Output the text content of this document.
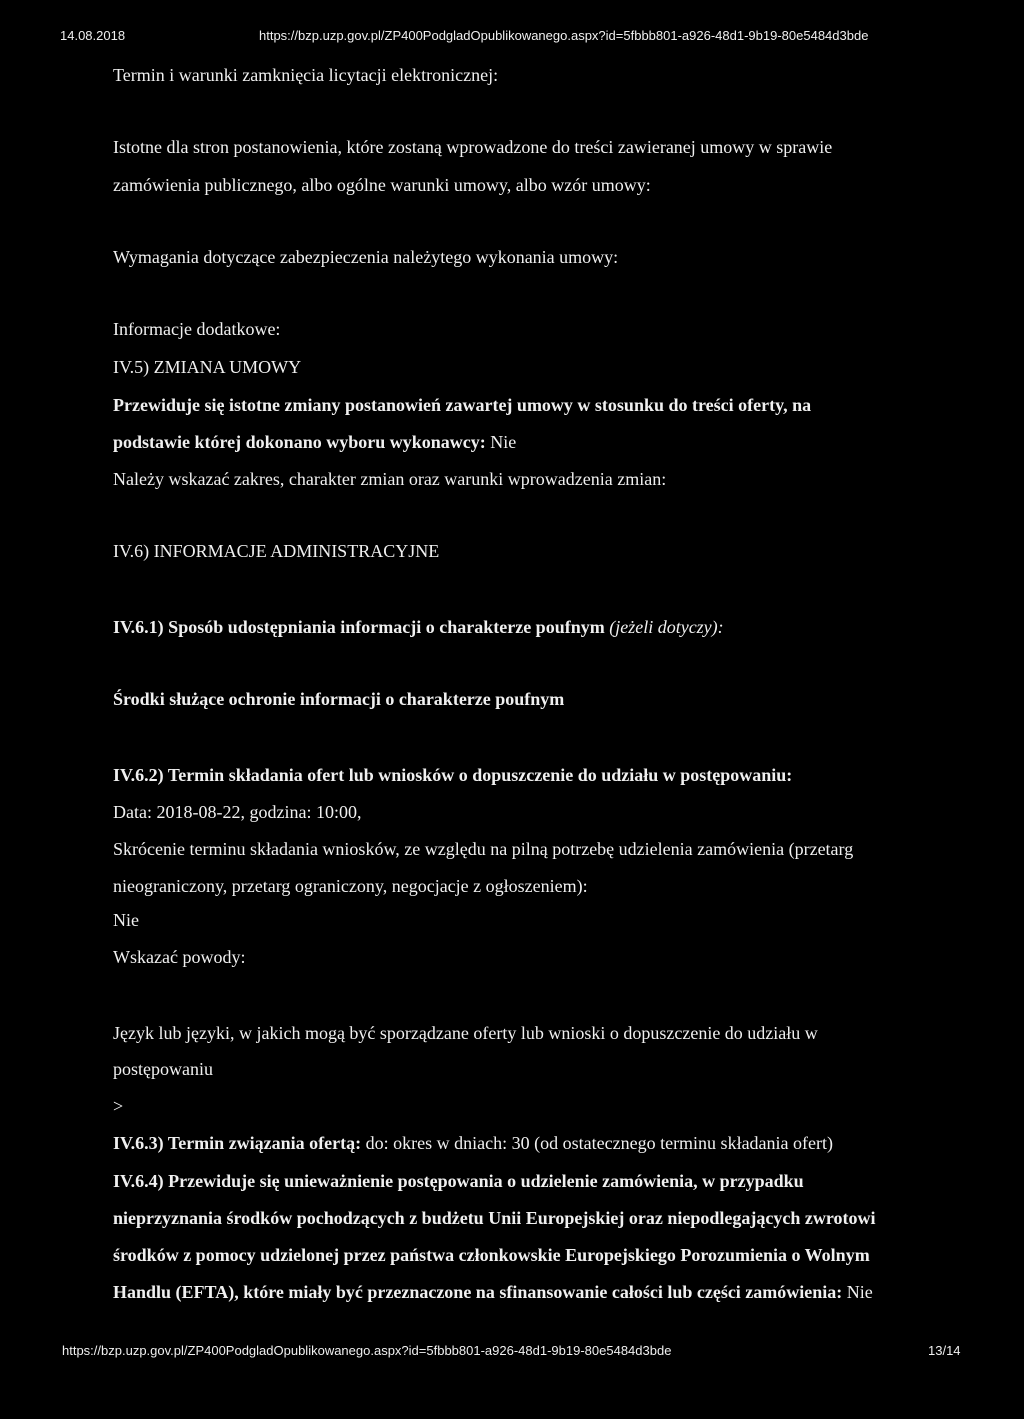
14.08.2018	https://bzp.uzp.gov.pl/ZP400PodgladOpublikowanego.aspx?id=5fbbb801-a926-48d1-9b19-80e5484d3bde
Termin i warunki zamknięcia licytacji elektronicznej:
Istotne dla stron postanowienia, które zostaną wprowadzone do treści zawieranej umowy w sprawie
zamówienia publicznego, albo ogólne warunki umowy, albo wzór umowy:
Wymagania dotyczące zabezpieczenia należytego wykonania umowy:
Informacje dodatkowe:
IV.5) ZMIANA UMOWY
Przewiduje się istotne zmiany postanowień zawartej umowy w stosunku do treści oferty, na
podstawie której dokonano wyboru wykonawcy: Nie
Należy wskazać zakres, charakter zmian oraz warunki wprowadzenia zmian:
IV.6) INFORMACJE ADMINISTRACYJNE
IV.6.1) Sposób udostępniania informacji o charakterze poufnym (jeżeli dotyczy):
Środki służące ochronie informacji o charakterze poufnym
IV.6.2) Termin składania ofert lub wniosków o dopuszczenie do udziału w postępowaniu:
Data: 2018-08-22, godzina: 10:00,
Skrócenie terminu składania wniosków, ze względu na pilną potrzebę udzielenia zamówienia (przetarg
nieograniczony, przetarg ograniczony, negocjacje z ogłoszeniem):
Nie
Wskazać powody:
Język lub języki, w jakich mogą być sporządzane oferty lub wnioski o dopuszczenie do udziału w
postępowaniu
>
IV.6.3) Termin związania ofertą: do: okres w dniach: 30 (od ostatecznego terminu składania ofert)
IV.6.4) Przewiduje się unieważnienie postępowania o udzielenie zamówienia, w przypadku
nieprzyznania środków pochodzących z budżetu Unii Europejskiej oraz niepodlegających zwrotowi
środków z pomocy udzielonej przez państwa członkowskie Europejskiego Porozumienia o Wolnym
Handlu (EFTA), które miały być przeznaczone na sfinansowanie całości lub części zamówienia: Nie
https://bzp.uzp.gov.pl/ZP400PodgladOpublikowanego.aspx?id=5fbbb801-a926-48d1-9b19-80e5484d3bde	13/14
